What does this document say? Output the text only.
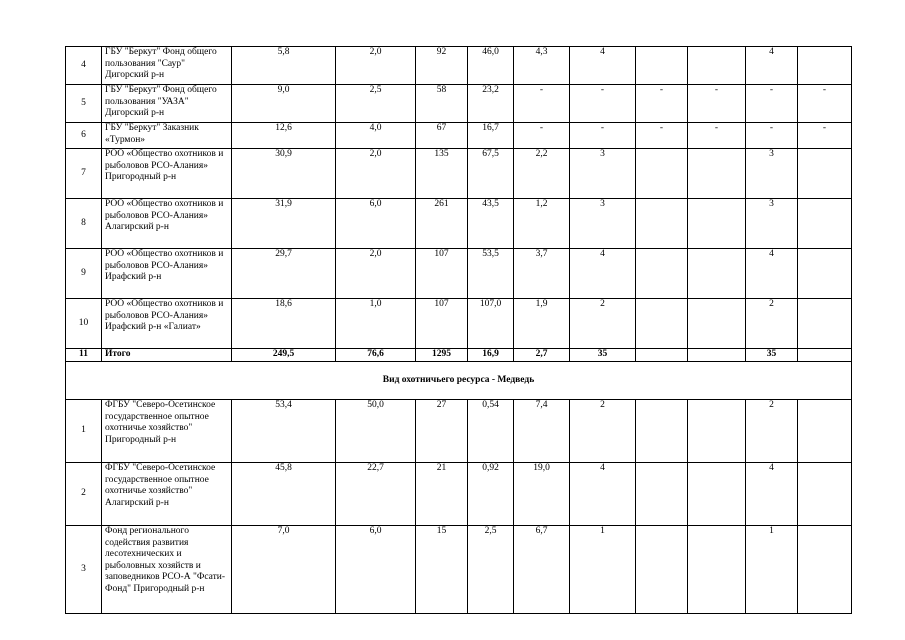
4	ГБУ "Беркут" Фонд общего пользования "Саур" Дигорский р-н	5,8	2,0	92	46,0	4,3	4			4	
5	ГБУ "Беркут" Фонд общего пользования "УАЗА" Дигорский р-н	9,0	2,5	58	23,2	-	-	-	-	-	-
6	ГБУ "Беркут" Заказник «Турмон»	12,6	4,0	67	16,7	-	-	-	-	-	-
7	РОО «Общество охотников и рыболовов РСО-Алания» Пригородный р-н	30,9	2,0	135	67,5	2,2	3			3	
8	РОО «Общество охотников и рыболовов РСО-Алания» Алагирский р-н	31,9	6,0	261	43,5	1,2	3			3	
9	РОО «Общество охотников и рыболовов РСО-Алания» Ирафский р-н	29,7	2,0	107	53,5	3,7	4			4	
10	РОО «Общество охотников и рыболовов РСО-Алания» Ирафский р-н «Галиат»	18,6	1,0	107	107,0	1,9	2			2	
11	Итого	249,5	76,6	1295	16,9	2,7	35			35	
Вид охотничьего ресурса - Медведь											
1	ФГБУ "Северо-Осетинское государственное опытное охотничье хозяйство" Пригородный р-н	53,4	50,0	27	0,54	7,4	2			2	
2	ФГБУ "Северо-Осетинское государственное опытное охотничье хозяйство" Алагирский р-н	45,8	22,7	21	0,92	19,0	4			4	
3	Фонд регионального содействия развития лесотехнических и рыболовных хозяйств и заповедников РСО-А "Фсати-Фонд" Пригородный р-н	7,0	6,0	15	2,5	6,7	1			1	
